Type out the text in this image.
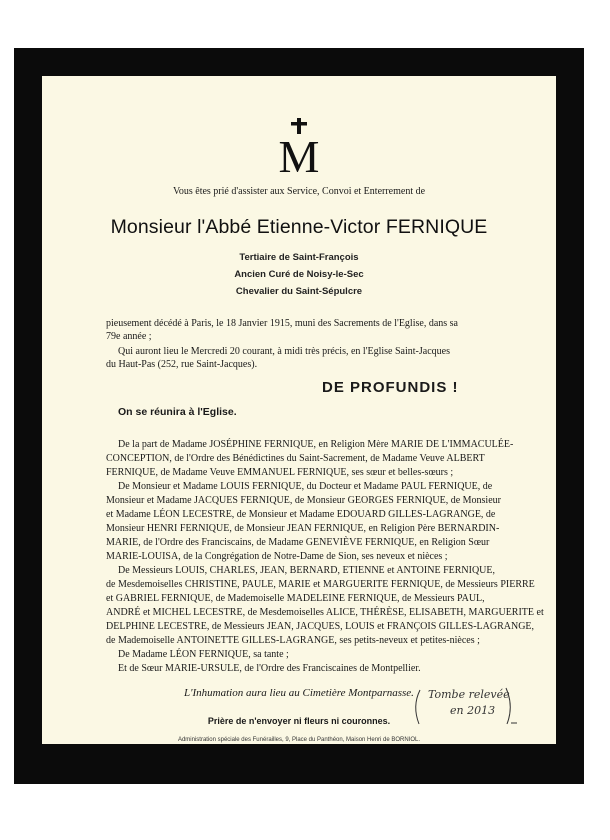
M
Vous êtes prié d'assister aux Service, Convoi et Enterrement de
Monsieur l'Abbé Etienne-Victor FERNIQUE
Tertiaire de Saint-François
Ancien Curé de Noisy-le-Sec
Chevalier du Saint-Sépulcre
pieusement décédé à Paris, le 18 Janvier 1915, muni des Sacrements de l'Eglise, dans sa
79e année ;
Qui auront lieu le Mercredi 20 courant, à midi très précis, en l'Eglise Saint-Jacques
du Haut-Pas (252, rue Saint-Jacques).
DE PROFUNDIS !
On se réunira à l'Eglise.
De la part de Madame JOSÉPHINE FERNIQUE, en Religion Mère MARIE DE L'IMMACULÉE-
CONCEPTION, de l'Ordre des Bénédictines du Saint-Sacrement, de Madame Veuve ALBERT
FERNIQUE, de Madame Veuve EMMANUEL FERNIQUE, ses sœur et belles-sœurs ;
De Monsieur et Madame LOUIS FERNIQUE, du Docteur et Madame PAUL FERNIQUE, de
Monsieur et Madame JACQUES FERNIQUE, de Monsieur GEORGES FERNIQUE, de Monsieur
et Madame LÉON LECESTRE, de Monsieur et Madame EDOUARD GILLES-LAGRANGE, de
Monsieur HENRI FERNIQUE, de Monsieur JEAN FERNIQUE, en Religion Père BERNARDIN-
MARIE, de l'Ordre des Franciscains, de Madame GENEVIÈVE FERNIQUE, en Religion Sœur
MARIE-LOUISA, de la Congrégation de Notre-Dame de Sion, ses neveux et nièces ;
De Messieurs LOUIS, CHARLES, JEAN, BERNARD, ETIENNE et ANTOINE FERNIQUE,
de Mesdemoiselles CHRISTINE, PAULE, MARIE et MARGUERITE FERNIQUE, de Messieurs PIERRE
et GABRIEL FERNIQUE, de Mademoiselle MADELEINE FERNIQUE, de Messieurs PAUL,
ANDRÉ et MICHEL LECESTRE, de Mesdemoiselles ALICE, THÉRÈSE, ELISABETH, MARGUERITE et
DELPHINE LECESTRE, de Messieurs JEAN, JACQUES, LOUIS et FRANÇOIS GILLES-LAGRANGE,
de Mademoiselle ANTOINETTE GILLES-LAGRANGE, ses petits-neveux et petites-nièces ;
De Madame LÉON FERNIQUE, sa tante ;
Et de Sœur MARIE-URSULE, de l'Ordre des Franciscaines de Montpellier.
L'Inhumation aura lieu au Cimetière Montparnasse.
Prière de n'envoyer ni fleurs ni couronnes.
Administration spéciale des Funérailles, 9, Place du Panthéon, Maison Henri de BORNIOL.
Tombe relevée
en 2013
